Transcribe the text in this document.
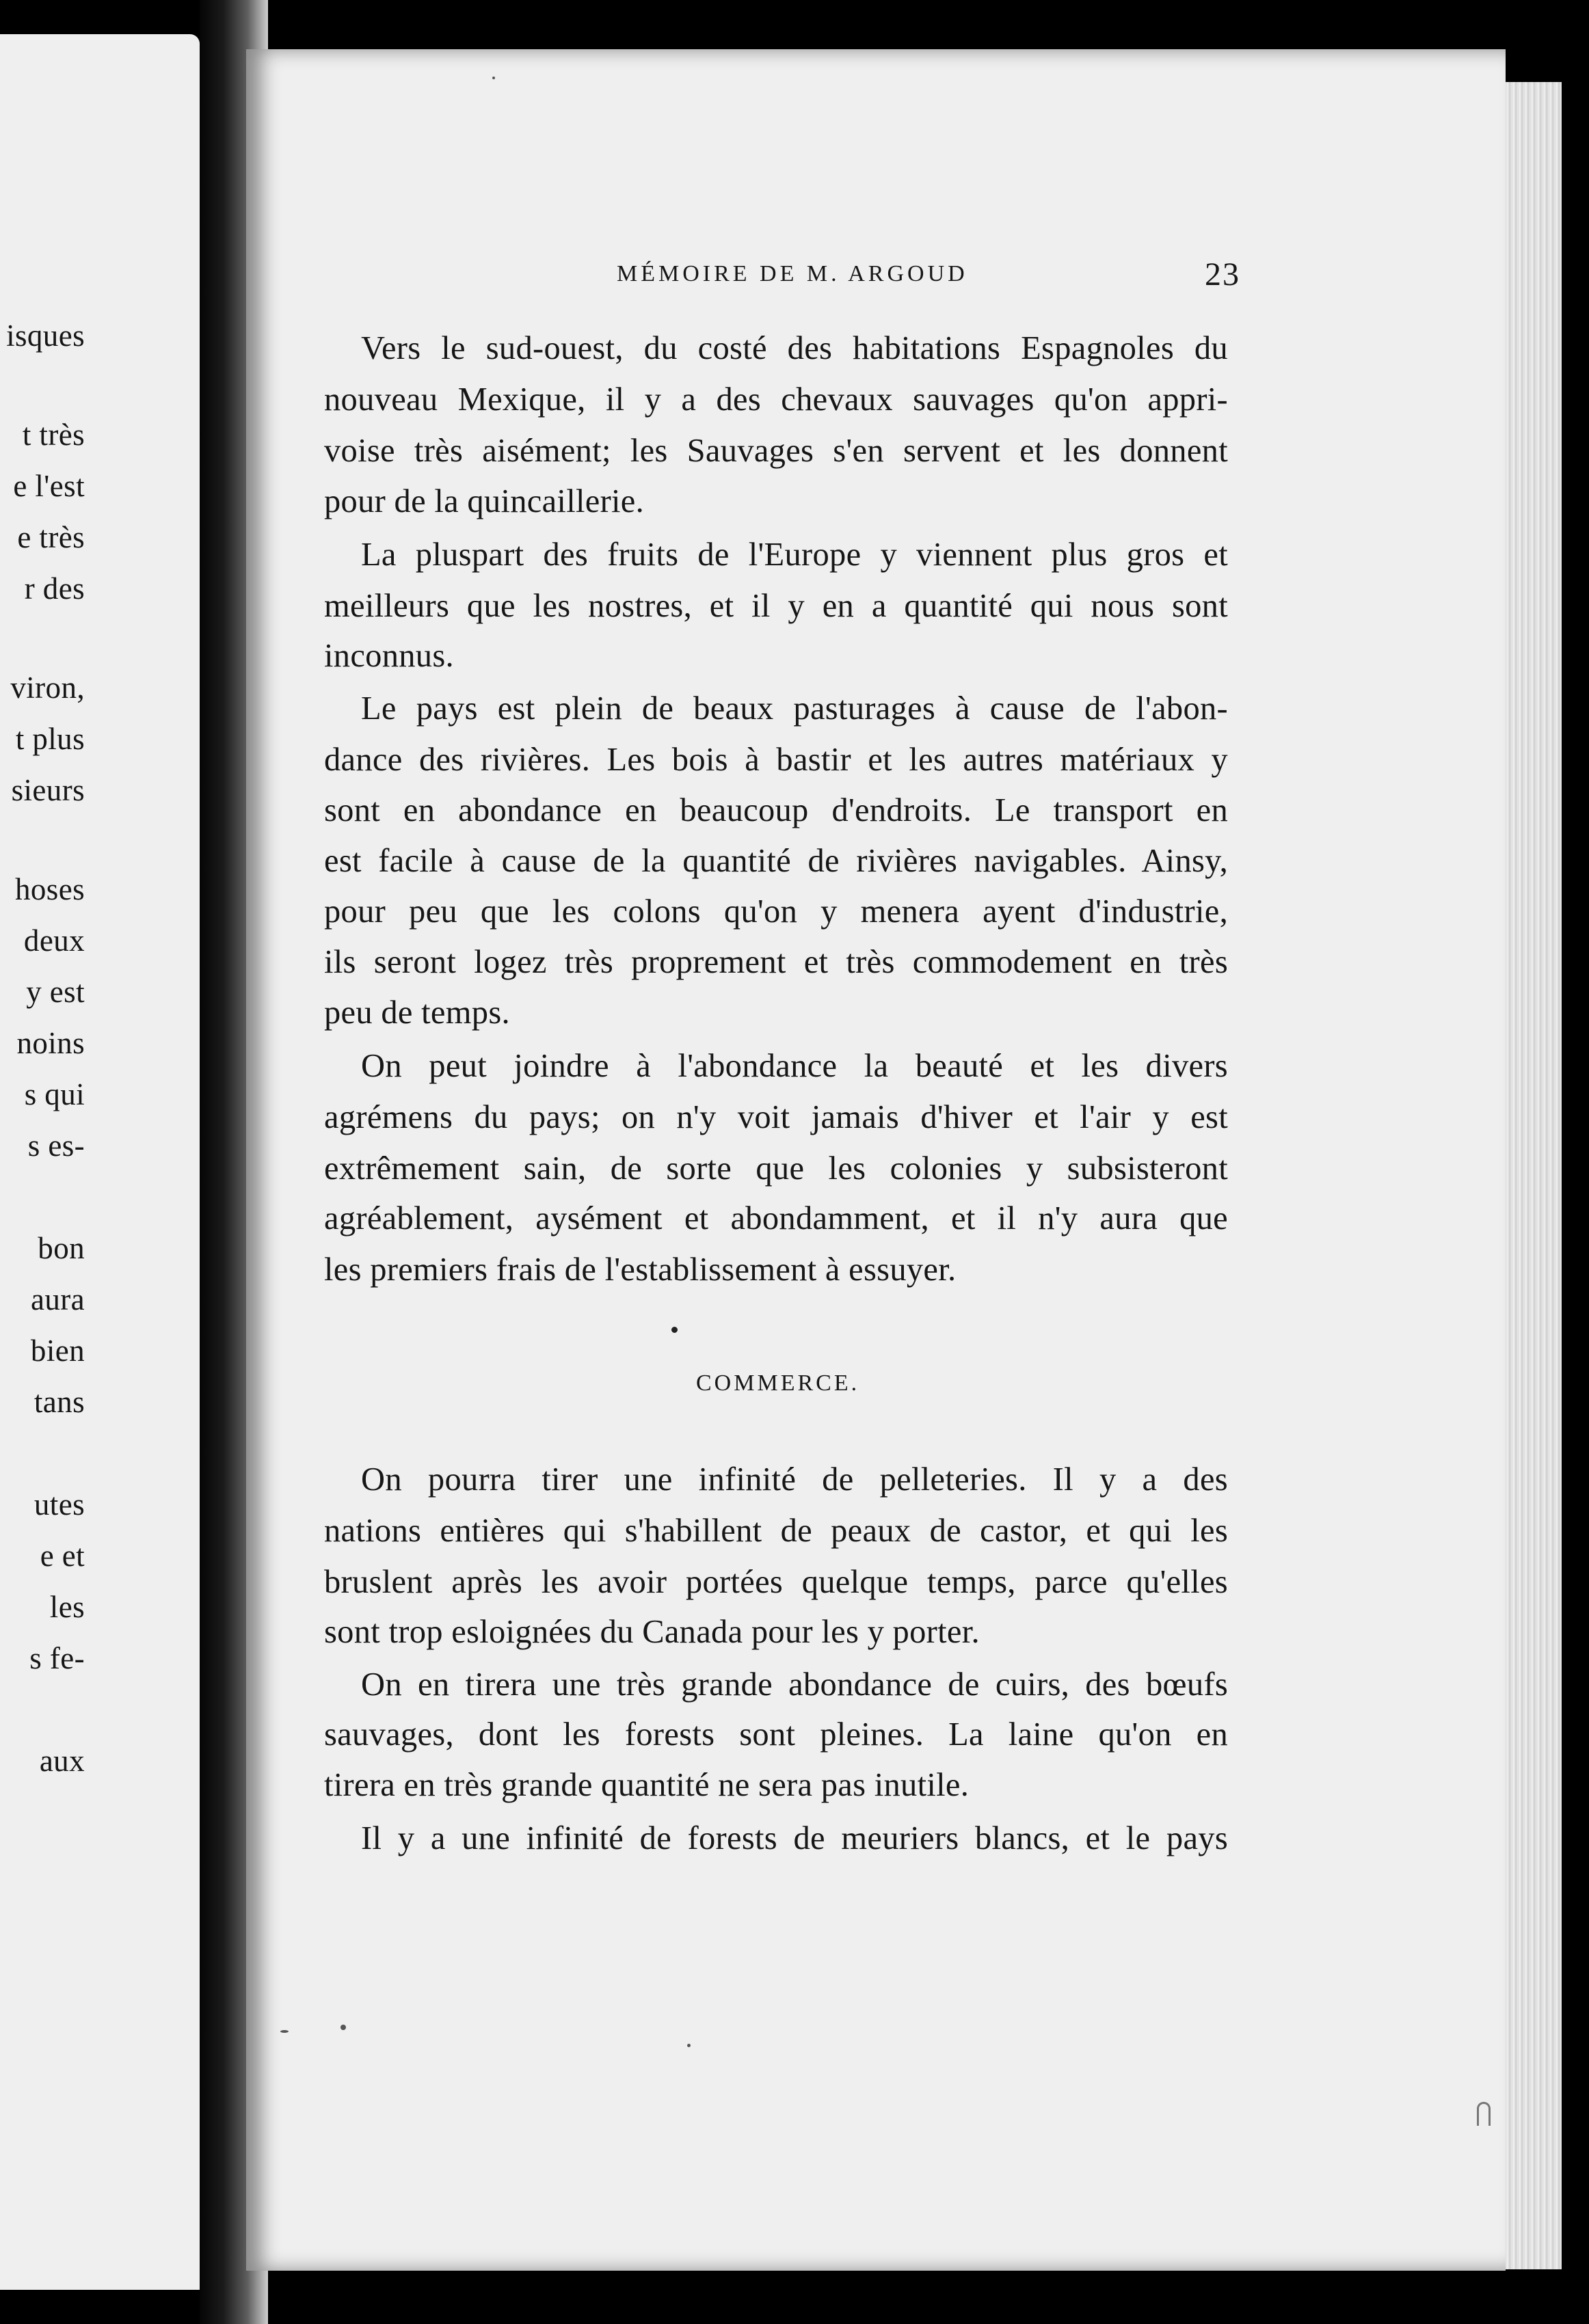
isques
t très
e l'est
e très
r des
viron,
t plus
sieurs
hoses
deux
y est
noins
s qui
s es-
bon
aura
bien
tans
utes
e et
les
s fe-
aux
MÉMOIRE DE M. ARGOUD	23
Vers le sud-ouest, du costé des habitations Espagnoles du
nouveau Mexique, il y a des chevaux sauvages qu'on appri-
voise très aisément; les Sauvages s'en servent et les donnent
pour de la quincaillerie.
La pluspart des fruits de l'Europe y viennent plus gros et
meilleurs que les nostres, et il y en a quantité qui nous sont
inconnus.
Le pays est plein de beaux pasturages à cause de l'abon-
dance des rivières. Les bois à bastir et les autres matériaux y
sont en abondance en beaucoup d'endroits. Le transport en
est facile à cause de la quantité de rivières navigables. Ainsy,
pour peu que les colons qu'on y menera ayent d'industrie,
ils seront logez très proprement et très commodement en très
peu de temps.
On peut joindre à l'abondance la beauté et les divers
agrémens du pays; on n'y voit jamais d'hiver et l'air y est
extrêmement sain, de sorte que les colonies y subsisteront
agréablement, aysément et abondamment, et il n'y aura que
les premiers frais de l'establissement à essuyer.
COMMERCE.
On pourra tirer une infinité de pelleteries. Il y a des
nations entières qui s'habillent de peaux de castor, et qui les
bruslent après les avoir portées quelque temps, parce qu'elles
sont trop esloignées du Canada pour les y porter.
On en tirera une très grande abondance de cuirs, des bœufs
sauvages, dont les forests sont pleines. La laine qu'on en
tirera en très grande quantité ne sera pas inutile.
Il y a une infinité de forests de meuriers blancs, et le pays
